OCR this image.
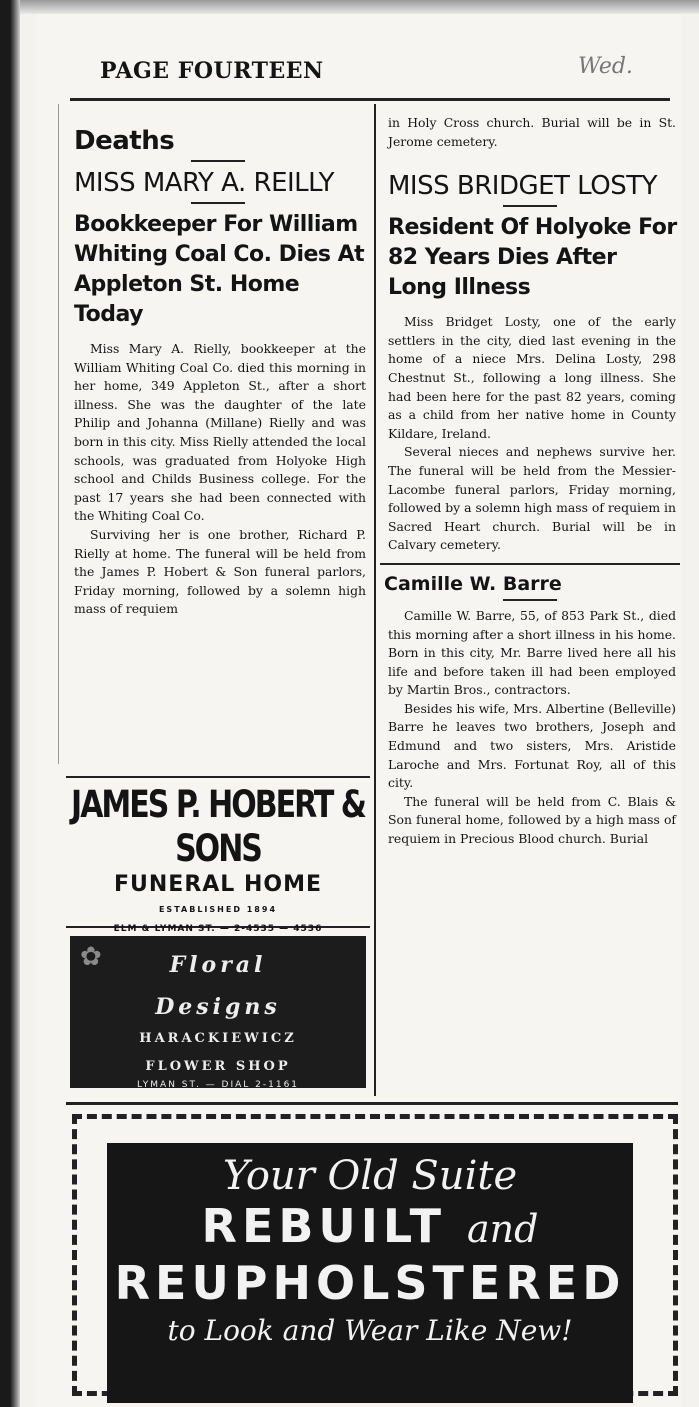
PAGE FOURTEEN	Wed.
Deaths
MISS MARY A. REILLY
Bookkeeper For William Whiting Coal Co. Dies At Appleton St. Home Today

Miss Mary A. Rielly, bookkeeper at the William Whiting Coal Co. died this morning in her home, 349 Appleton St., after a short illness. She was the daughter of the late Philip and Johanna (Millane) Rielly and was born in this city. Miss Rielly attended the local schools, was graduated from Holyoke High school and Childs Business college. For the past 17 years she had been connected with the Whiting Coal Co.

Surviving her is one brother, Richard P. Rielly at home. The funeral will be held from the James P. Hobert & Son funeral parlors, Friday morning, followed by a solemn high mass of requiem

in Holy Cross church. Burial will be in St. Jerome cemetery.

MISS BRIDGET LOSTY
Resident Of Holyoke For 82 Years Dies After Long Illness

Miss Bridget Losty, one of the early settlers in the city, died last evening in the home of a niece Mrs. Delina Losty, 298 Chestnut St., following a long illness. She had been here for the past 82 years, coming as a child from her native home in County Kildare, Ireland.

Several nieces and nephews survive her. The funeral will be held from the Messier-Lacombe funeral parlors, Friday morning, followed by a solemn high mass of requiem in Sacred Heart church. Burial will be in Calvary cemetery.

Camille W. Barre

Camille W. Barre, 55, of 853 Park St., died this morning after a short illness in his home. Born in this city, Mr. Barre lived here all his life and before taken ill had been employed by Martin Bros., contractors.

Besides his wife, Mrs. Albertine (Belleville) Barre he leaves two brothers, Joseph and Edmund and two sisters, Mrs. Aristide Laroche and Mrs. Fortunat Roy, all of this city.

The funeral will be held from C. Blais & Son funeral home, followed by a high mass of requiem in Precious Blood church. Burial

JAMES P. HOBERT & SONS
FUNERAL HOME
ESTABLISHED 1894
ELM & LYMAN ST. — 2-4535 — 4536
✿	Floral
Designs
HARACKIEWICZ
FLOWER SHOP
LYMAN ST. — DIAL 2-1161
Your Old Suite
REBUILT and
REUPHOLSTERED
to Look and Wear Like New!
